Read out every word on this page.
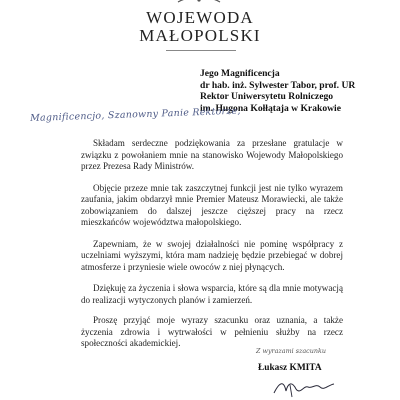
WOJEWODA
MAŁOPOLSKI
Jego Magnificencja
dr hab. inż. Sylwester Tabor, prof. UR
Rektor Uniwersytetu Rolniczego
im. Hugona Kołłątaja w Krakowie
Magnificencjo, Szanowny Panie Rektorze,

Składam serdeczne podziękowania za przesłane gratulacje w związku z powołaniem mnie na stanowisko Wojewody Małopolskiego przez Prezesa Rady Ministrów.

Objęcie przeze mnie tak zaszczytnej funkcji jest nie tylko wyrazem zaufania, jakim obdarzył mnie Premier Mateusz Morawiecki, ale także zobowiązaniem do dalszej jeszcze cięższej pracy na rzecz mieszkańców województwa małopolskiego.

Zapewniam, że w swojej działalności nie pominę współpracy z uczelniami wyższymi, która mam nadzieję będzie przebiegać w dobrej atmosferze i przyniesie wiele owoców z niej płynących.

Dziękuję za życzenia i słowa wsparcia, które są dla mnie motywacją do realizacji wytyczonych planów i zamierzeń.

Proszę przyjąć moje wyrazy szacunku oraz uznania, a także życzenia zdrowia i wytrwałości w pełnieniu służby na rzecz społeczności akademickiej.

Z wyrazami szacunku
Łukasz KMITA
